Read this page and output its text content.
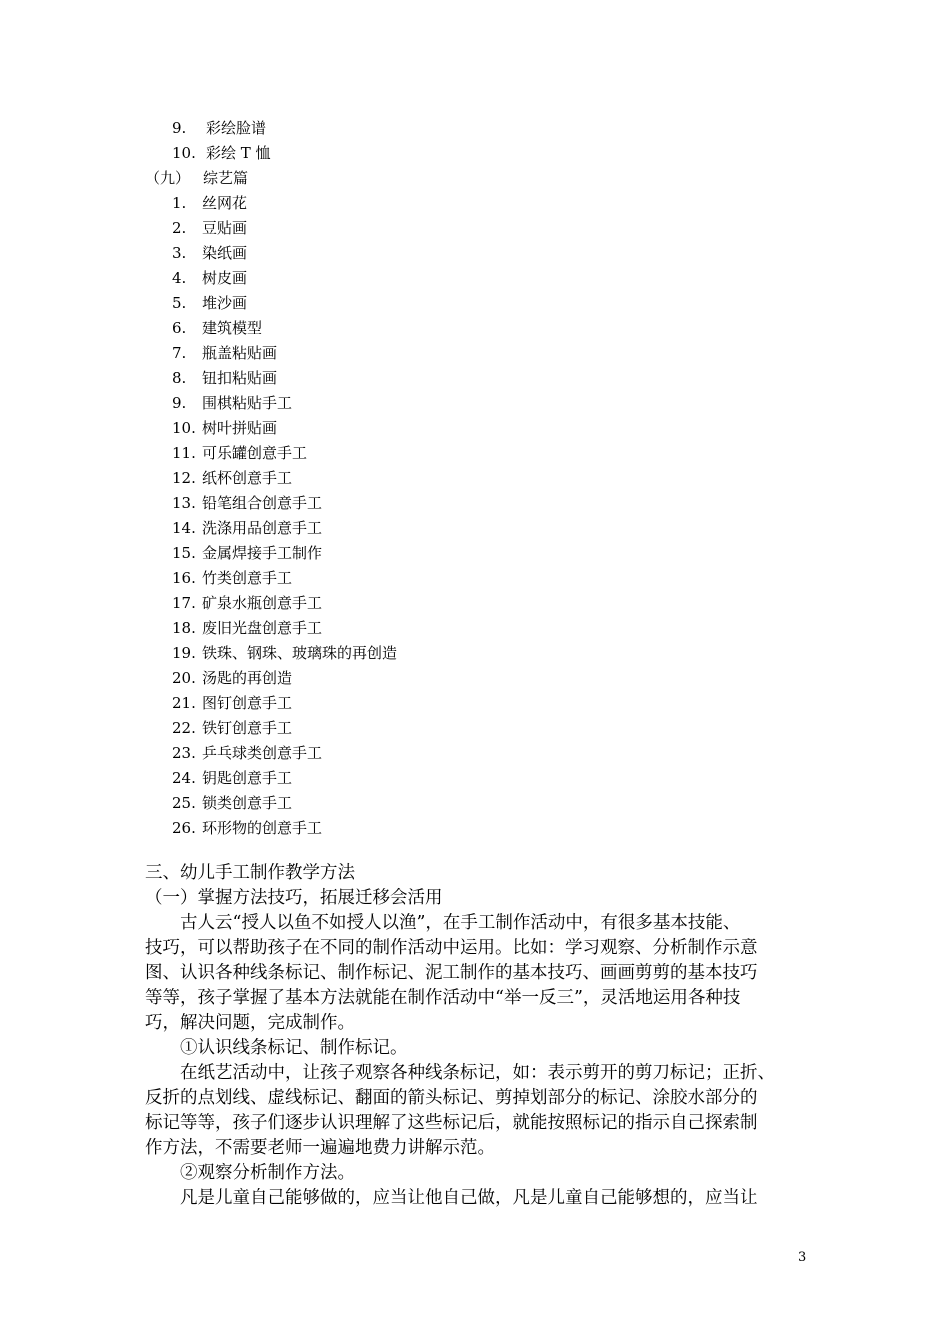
9. 彩绘脸谱
10. 彩绘 T 恤
（九） 综艺篇
1. 丝网花
2. 豆贴画
3. 染纸画
4. 树皮画
5. 堆沙画
6. 建筑模型
7. 瓶盖粘贴画
8. 钮扣粘贴画
9. 围棋粘贴手工
10. 树叶拼贴画
11. 可乐罐创意手工
12. 纸杯创意手工
13. 铅笔组合创意手工
14. 洗涤用品创意手工
15. 金属焊接手工制作
16. 竹类创意手工
17. 矿泉水瓶创意手工
18. 废旧光盘创意手工
19. 铁珠、钢珠、玻璃珠的再创造
20. 汤匙的再创造
21. 图钉创意手工
22. 铁钉创意手工
23. 乒乓球类创意手工
24. 钥匙创意手工
25. 锁类创意手工
26. 环形物的创意手工
三、幼儿手工制作教学方法
（一）掌握方法技巧，拓展迁移会活用
古人云“授人以鱼不如授人以渔”，在手工制作活动中，有很多基本技能、
技巧，可以帮助孩子在不同的制作活动中运用。比如：学习观察、分析制作示意
图、认识各种线条标记、制作标记、泥工制作的基本技巧、画画剪剪的基本技巧
等等，孩子掌握了基本方法就能在制作活动中“举一反三”，灵活地运用各种技
巧，解决问题，完成制作。
①认识线条标记、制作标记。
在纸艺活动中，让孩子观察各种线条标记，如：表示剪开的剪刀标记；正折、
反折的点划线、虚线标记、翻面的箭头标记、剪掉划部分的标记、涂胶水部分的
标记等等，孩子们逐步认识理解了这些标记后，就能按照标记的指示自己探索制
作方法，不需要老师一遍遍地费力讲解示范。
②观察分析制作方法。
凡是儿童自己能够做的，应当让他自己做，凡是儿童自己能够想的，应当让
3
